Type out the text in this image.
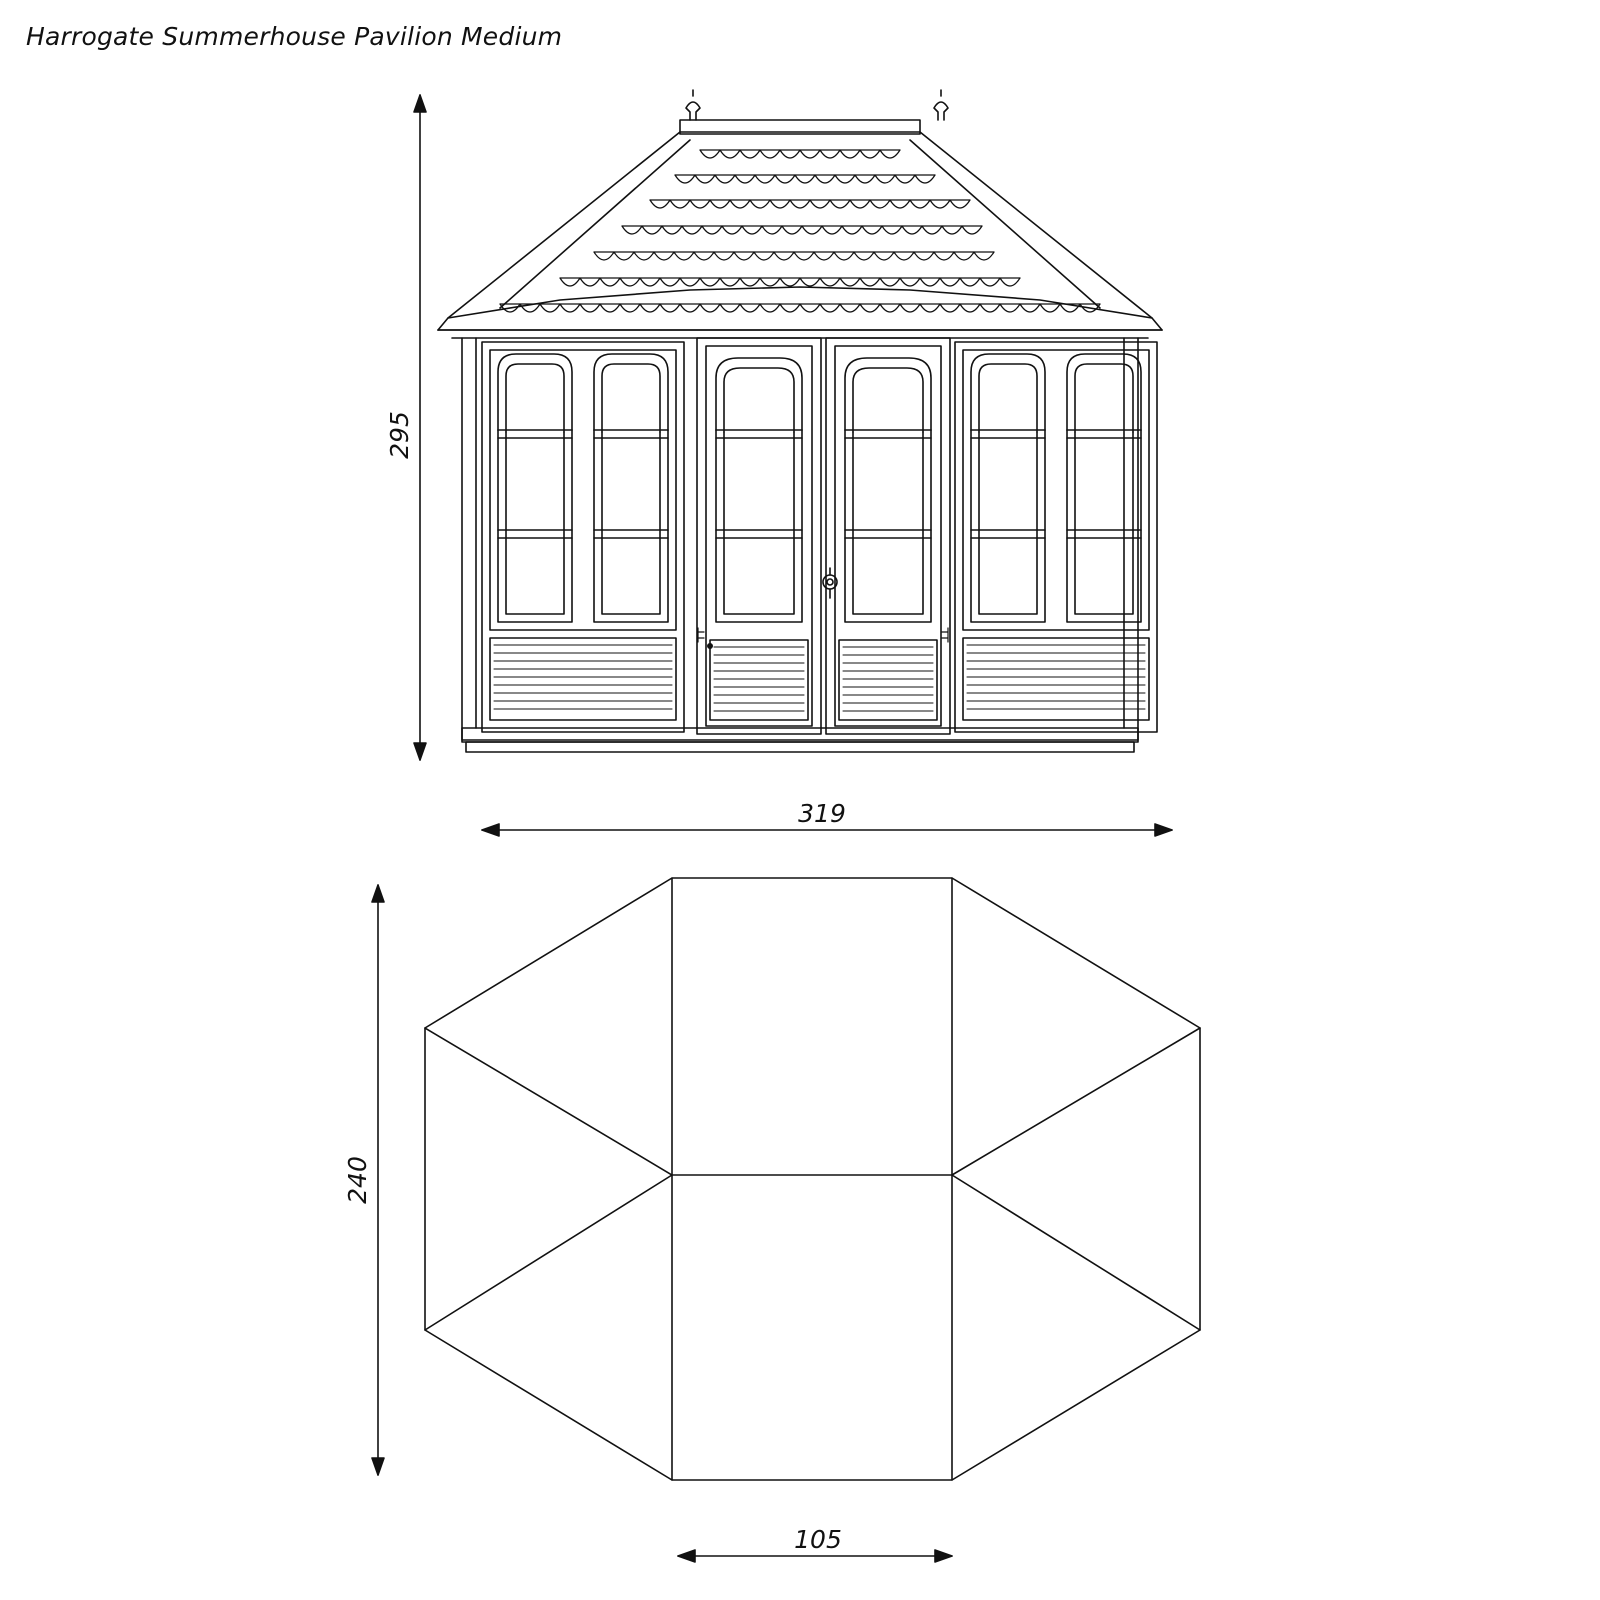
Harrogate Summerhouse Pavilion Medium
295
319
240
105
